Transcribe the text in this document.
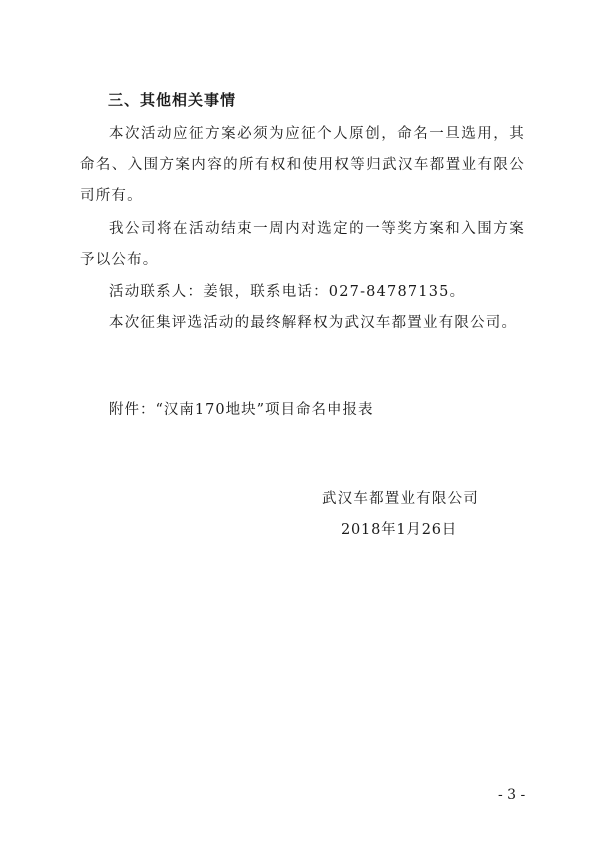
三、其他相关事情

本次活动应征方案必须为应征个人原创，命名一旦选用，其命名、入围方案内容的所有权和使用权等归武汉车都置业有限公司所有。

我公司将在活动结束一周内对选定的一等奖方案和入围方案予以公布。

活动联系人：姜银，联系电话：027-84787135。

本次征集评选活动的最终解释权为武汉车都置业有限公司。

附件：“汉南170地块”项目命名申报表
武汉车都置业有限公司
2018年1月26日
- 3 -
